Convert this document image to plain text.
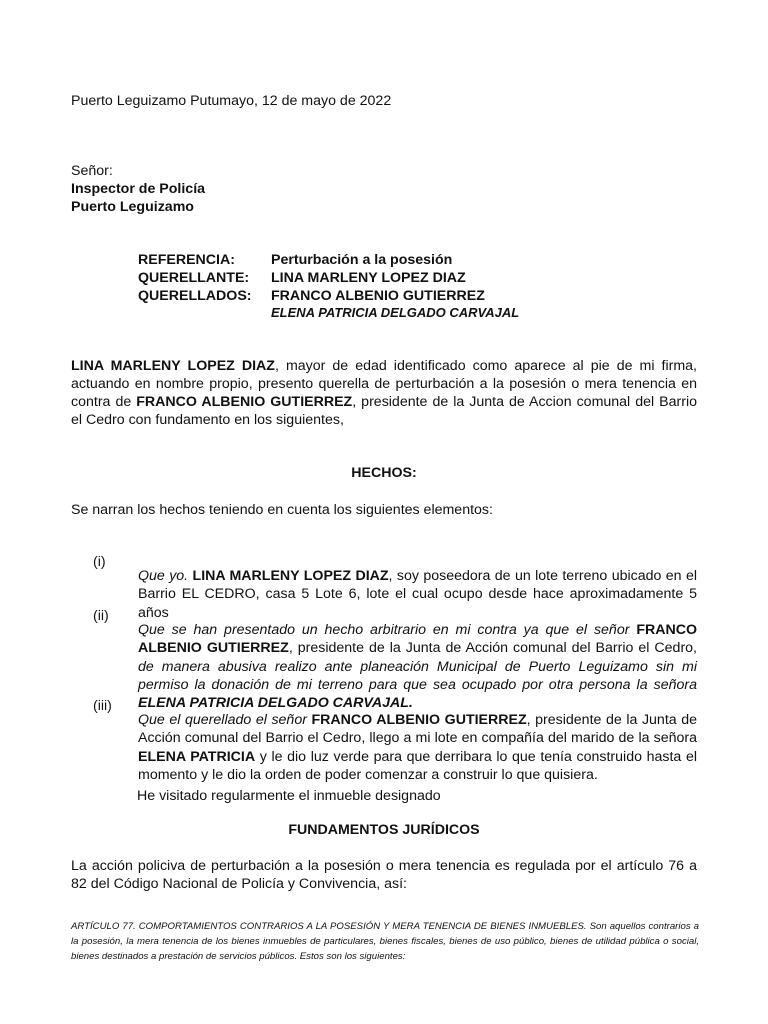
Puerto Leguizamo Putumayo, 12 de mayo de 2022

Señor:

Inspector de Policía

Puerto Leguizamo

REFERENCIA:	Perturbación a la posesión
QUERELLANTE: LINA MARLENY LOPEZ DIAZ
QUERELLADOS: FRANCO ALBENIO GUTIERREZ
ELENA PATRICIA DELGADO CARVAJAL

LINA MARLENY LOPEZ DIAZ, mayor de edad identificado como aparece al pie de mi firma, actuando en nombre propio, presento querella de perturbación a la posesión o mera tenencia en contra de FRANCO ALBENIO GUTIERREZ, presidente de la Junta de Accion comunal del Barrio el Cedro con fundamento en los siguientes,

HECHOS:

Se narran los hechos teniendo en cuenta los siguientes elementos:

(i)

Que yo. LINA MARLENY LOPEZ DIAZ, soy poseedora de un lote terreno ubicado en el Barrio EL CEDRO, casa 5 Lote 6, lote el cual ocupo desde hace aproximadamente 5 años

(ii)

Que se han presentado un hecho arbitrario en mi contra ya que el señor FRANCO ALBENIO GUTIERREZ, presidente de la Junta de Acción comunal del Barrio el Cedro, de manera abusiva realizo ante planeación Municipal de Puerto Leguizamo sin mi permiso la donación de mi terreno para que sea ocupado por otra persona la señora ELENA PATRICIA DELGADO CARVAJAL.

(iii)

Que el querellado el señor FRANCO ALBENIO GUTIERREZ, presidente de la Junta de Acción comunal del Barrio el Cedro, llego a mi lote en compañía del marido de la señora ELENA PATRICIA y le dio luz verde para que derribara lo que tenía construido hasta el momento y le dio la orden de poder comenzar a construir lo que quisiera.

He visitado regularmente el inmueble designado

FUNDAMENTOS JURÍDICOS

La acción policiva de perturbación a la posesión o mera tenencia es regulada por el artículo 76 a 82 del Código Nacional de Policía y Convivencia, así:

ARTÍCULO 77. COMPORTAMIENTOS CONTRARIOS A LA POSESIÓN Y MERA TENENCIA DE BIENES INMUEBLES. Son aquellos contrarios a la posesión, la mera tenencia de los bienes inmuebles de particulares, bienes fiscales, bienes de uso público, bienes de utilidad pública o social, bienes destinados a prestación de servicios públicos. Estos son los siguientes:
